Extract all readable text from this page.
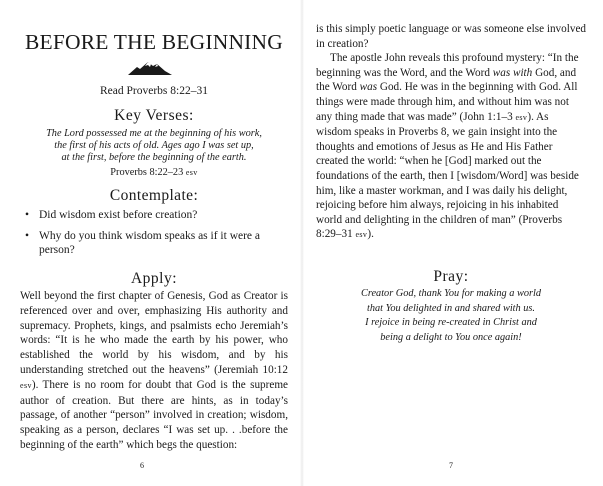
BEFORE THE BEGINNING
Read Proverbs 8:22–31
Key Verses:
The Lord possessed me at the beginning of his work,
the first of his acts of old. Ages ago I was set up,
at the first, before the beginning of the earth.
Proverbs 8:22–23 esv
Contemplate:
• Did wisdom exist before creation?
• Why do you think wisdom speaks as if it were a person?
Apply:
Well beyond the first chapter of Genesis, God as Creator is referenced over and over, emphasizing His authority and supremacy. Prophets, kings, and psalmists echo Jeremiah’s words: “It is he who made the earth by his power, who established the world by his wisdom, and by his understanding stretched out the heavens” (Jeremiah 10:12 esv). There is no room for doubt that God is the supreme author of creation. But there are hints, as in today’s passage, of another “person” involved in creation; wisdom, speaking as a person, declares “I was set up. . .before the beginning of the earth” which begs the question:
6

is this simply poetic language or was someone else involved in creation?

The apostle John reveals this profound mystery: “In the beginning was the Word, and the Word was with God, and the Word was God. He was in the beginning with God. All things were made through him, and without him was not any thing made that was made” (John 1:1–3 esv). As wisdom speaks in Proverbs 8, we gain insight into the thoughts and emotions of Jesus as He and His Father created the world: “when he [God] marked out the foundations of the earth, then I [wisdom/Word] was beside him, like a master workman, and I was daily his delight, rejoicing before him always, rejoicing in his inhabited world and delighting in the children of man” (Proverbs 8:29–31 esv).

Pray:
Creator God, thank You for making a world
that You delighted in and shared with us.
I rejoice in being re-created in Christ and
being a delight to You once again!
7
